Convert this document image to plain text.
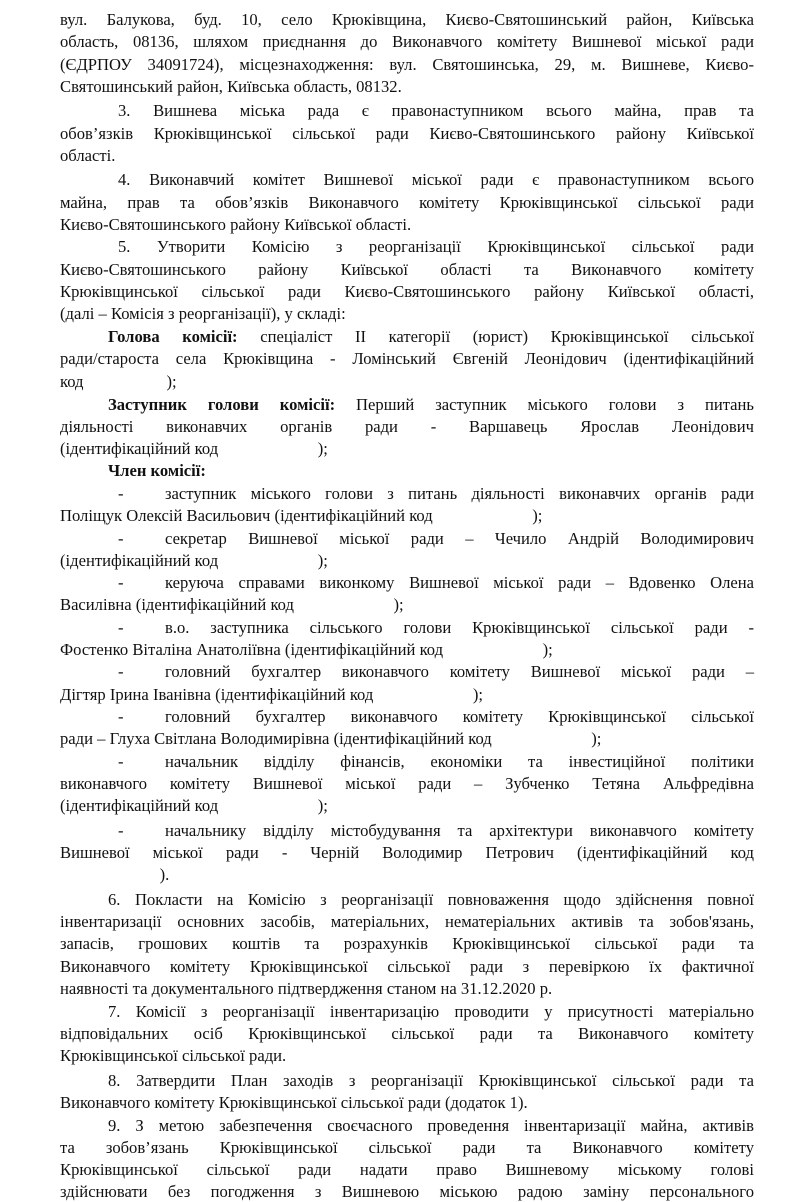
вул. Балукова, буд. 10, село Крюківщина, Києво-Святошинський район, Київська
область, 08136, шляхом приєднання до Виконавчого комітету Вишневої міської ради
(ЄДРПОУ 34091724), місцезнаходження: вул. Святошинська, 29, м. Вишневе, Києво-
Святошинський район, Київська область, 08132.
3. Вишнева міська рада є правонаступником всього майна, прав та
обов’язків Крюківщинської сільської ради Києво-Святошинського району Київської
області.
4. Виконавчий комітет Вишневої міської ради є правонаступником всього
майна, прав та обов’язків Виконавчого комітету Крюківщинської сільської ради
Києво-Святошинського району Київської області.
5. Утворити Комісію з реорганізації Крюківщинської сільської ради
Києво-Святошинського району Київської області та Виконавчого комітету
Крюківщинської сільської ради Києво-Святошинського району Київської області,
(далі – Комісія з реорганізації), у складі:
Голова комісії: спеціаліст ІІ категорії (юрист) Крюківщинської сільської
ради/староста села Крюківщина - Ломінський Євгеній Леонідович (ідентифікаційний
код                    );
Заступник голови комісії: Перший заступник міського голови з питань
діяльності виконавчих органів ради - Варшавець Ярослав Леонідович
(ідентифікаційний код                        );
Член комісії:
- заступник міського голови з питань діяльності виконавчих органів ради
Поліщук Олексій Васильович (ідентифікаційний код                        );
- секретар Вишневої міської ради – Чечило Андрій Володимирович
(ідентифікаційний код                        );
- керуюча справами виконкому Вишневої міської ради – Вдовенко Олена
Василівна (ідентифікаційний код                        );
- в.о. заступника сільського голови Крюківщинської сільської ради -
Фостенко Віталіна Анатоліївна (ідентифікаційний код                        );
- головний бухгалтер виконавчого комітету Вишневої міської ради –
Дігтяр Ірина Іванівна (ідентифікаційний код                        );
- головний бухгалтер виконавчого комітету Крюківщинської сільської
ради – Глуха Світлана Володимирівна (ідентифікаційний код                        );
- начальник відділу фінансів, економіки та інвестиційної політики
виконавчого комітету Вишневої міської ради – Зубченко Тетяна Альфредівна
(ідентифікаційний код                        );
- начальнику відділу містобудування та архітектури виконавчого комітету
Вишневої міської ради - Черній Володимир Петрович (ідентифікаційний код
).
6. Покласти на Комісію з реорганізації повноваження щодо здійснення повної
інвентаризації основних засобів, матеріальних, нематеріальних активів та зобов'язань,
запасів, грошових коштів та розрахунків Крюківщинської сільської ради та
Виконавчого комітету Крюківщинської сільської ради з перевіркою їх фактичної
наявності та документального підтвердження станом на 31.12.2020 р.
7. Комісії з реорганізації інвентаризацію проводити у присутності матеріально
відповідальних осіб Крюківщинської сільської ради та Виконавчого комітету
Крюківщинської сільської ради.
8. Затвердити План заходів з реорганізації Крюківщинської сільської ради та
Виконавчого комітету Крюківщинської сільської ради (додаток 1).
9. З метою забезпечення своєчасного проведення інвентаризації майна, активів
та зобов’язань Крюківщинської сільської ради та Виконавчого комітету
Крюківщинської сільської ради надати право Вишневому міському голові
здійснювати без погодження з Вишневою міською радою заміну персонального
